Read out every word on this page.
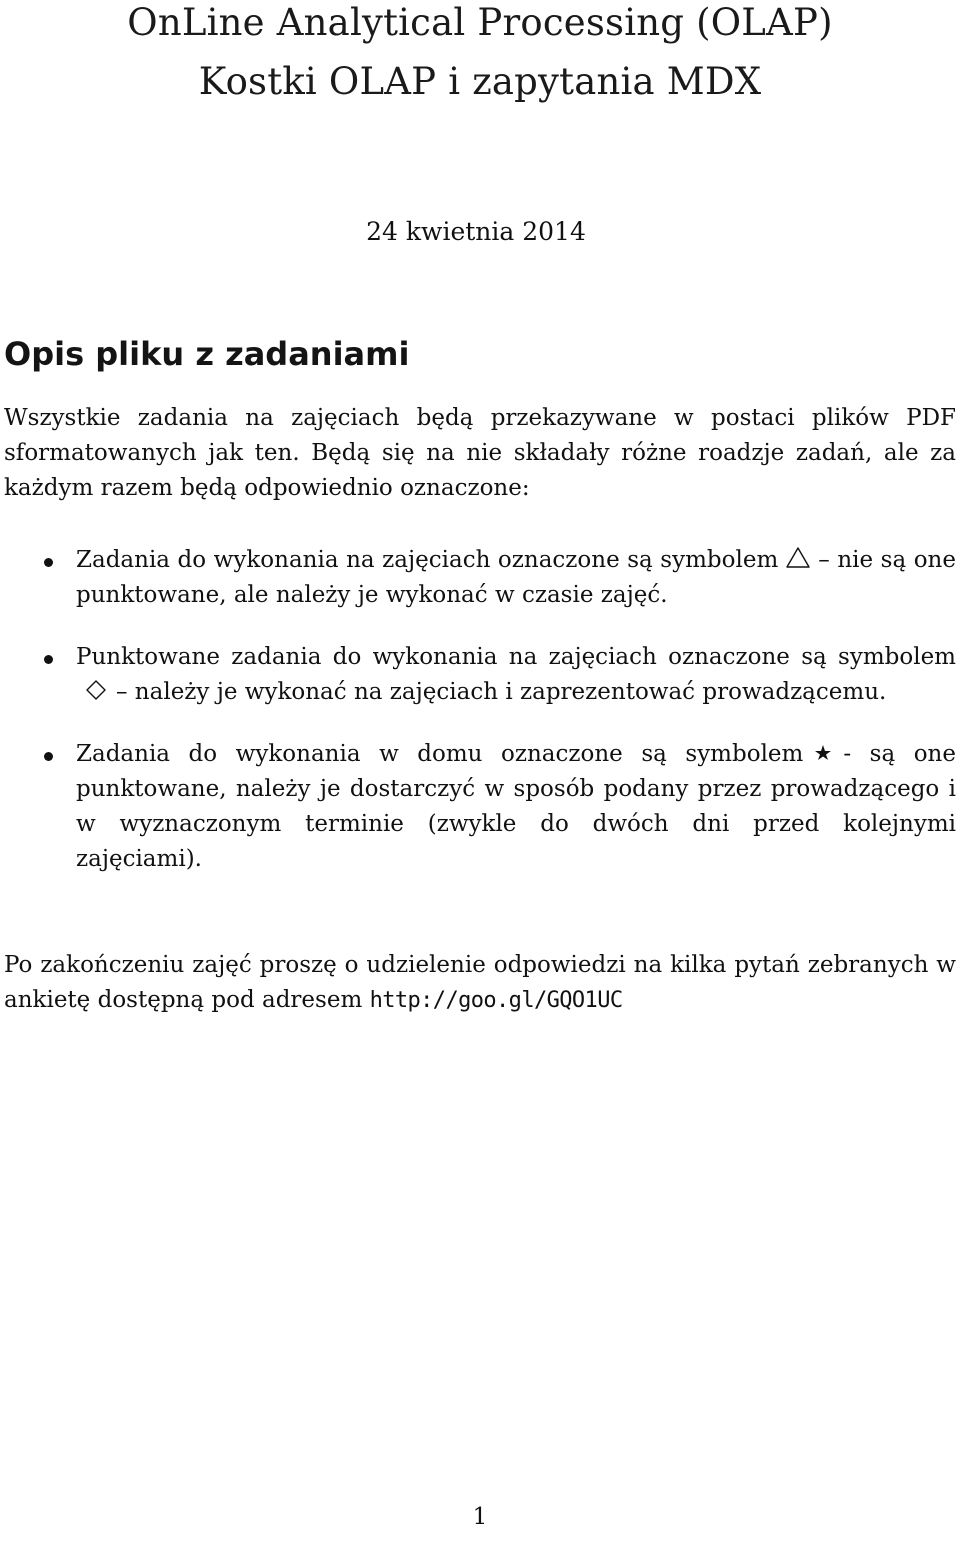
OnLine Analytical Processing (OLAP)
Kostki OLAP i zapytania MDX
24 kwietnia 2014
Opis pliku z zadaniami

Wszystkie zadania na zajęciach będą przekazywane w postaci plików PDF sformatowanych jak ten. Będą się na nie składały różne roadzje zadań, ale za każdym razem będą odpowiednio oznaczone:

Zadania do wykonania na zajęciach oznaczone są symbolem – nie są one punktowane, ale należy je wykonać w czasie zajęć.
Punktowane zadania do wykonania na zajęciach oznaczone są symbolem
– należy je wykonać na zajęciach i zaprezentować prowadzącemu.
Zadania do wykonania w domu oznaczone są symbolem - są one punktowane, należy je dostarczyć w sposób podany przez prowadzącego i w wyznaczonym terminie (zwykle do dwóch dni przed kolejnymi zajęciami).

Po zakończeniu zajęć proszę o udzielenie odpowiedzi na kilka pytań zebranych w ankietę dostępną pod adresem http://goo.gl/GQO1UC

1
